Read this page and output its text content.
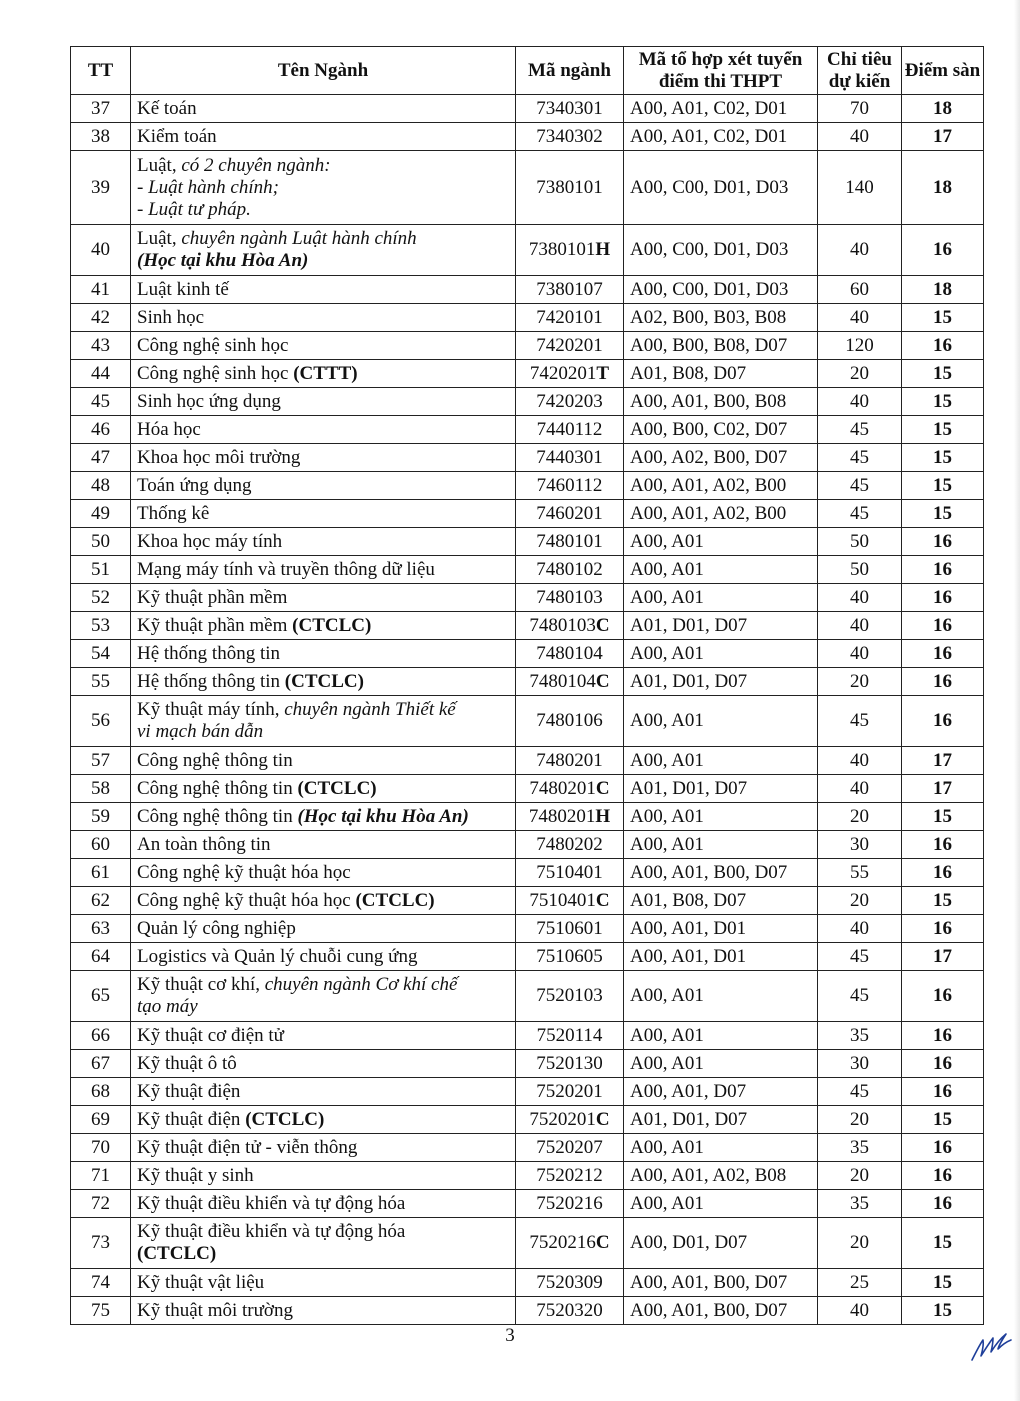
TT	Tên Ngành	Mã ngành	Mã tổ hợp xét tuyển điểm thi THPT	Chỉ tiêu dự kiến	Điểm sàn
37	Kế toán	7340301	A00, A01, C02, D01	70	18
38	Kiểm toán	7340302	A00, A01, C02, D01	40	17
39	Luật, có 2 chuyên ngành:
- Luật hành chính;
- Luật tư pháp.	7380101	A00, C00, D01, D03	140	18
40	Luật, chuyên ngành Luật hành chính
(Học tại khu Hòa An)	7380101H	A00, C00, D01, D03	40	16
41	Luật kinh tế	7380107	A00, C00, D01, D03	60	18
42	Sinh học	7420101	A02, B00, B03, B08	40	15
43	Công nghệ sinh học	7420201	A00, B00, B08, D07	120	16
44	Công nghệ sinh học (CTTT)	7420201T	A01, B08, D07	20	15
45	Sinh học ứng dụng	7420203	A00, A01, B00, B08	40	15
46	Hóa học	7440112	A00, B00, C02, D07	45	15
47	Khoa học môi trường	7440301	A00, A02, B00, D07	45	15
48	Toán ứng dụng	7460112	A00, A01, A02, B00	45	15
49	Thống kê	7460201	A00, A01, A02, B00	45	15
50	Khoa học máy tính	7480101	A00, A01	50	16
51	Mạng máy tính và truyền thông dữ liệu	7480102	A00, A01	50	16
52	Kỹ thuật phần mềm	7480103	A00, A01	40	16
53	Kỹ thuật phần mềm (CTCLC)	7480103C	A01, D01, D07	40	16
54	Hệ thống thông tin	7480104	A00, A01	40	16
55	Hệ thống thông tin (CTCLC)	7480104C	A01, D01, D07	20	16
56	Kỹ thuật máy tính, chuyên ngành Thiết kế
vi mạch bán dẫn	7480106	A00, A01	45	16
57	Công nghệ thông tin	7480201	A00, A01	40	17
58	Công nghệ thông tin (CTCLC)	7480201C	A01, D01, D07	40	17
59	Công nghệ thông tin (Học tại khu Hòa An)	7480201H	A00, A01	20	15
60	An toàn thông tin	7480202	A00, A01	30	16
61	Công nghệ kỹ thuật hóa học	7510401	A00, A01, B00, D07	55	16
62	Công nghệ kỹ thuật hóa học (CTCLC)	7510401C	A01, B08, D07	20	15
63	Quản lý công nghiệp	7510601	A00, A01, D01	40	16
64	Logistics và Quản lý chuỗi cung ứng	7510605	A00, A01, D01	45	17
65	Kỹ thuật cơ khí, chuyên ngành Cơ khí chế
tạo máy	7520103	A00, A01	45	16
66	Kỹ thuật cơ điện tử	7520114	A00, A01	35	16
67	Kỹ thuật ô tô	7520130	A00, A01	30	16
68	Kỹ thuật điện	7520201	A00, A01, D07	45	16
69	Kỹ thuật điện (CTCLC)	7520201C	A01, D01, D07	20	15
70	Kỹ thuật điện tử - viễn thông	7520207	A00, A01	35	16
71	Kỹ thuật y sinh	7520212	A00, A01, A02, B08	20	16
72	Kỹ thuật điều khiển và tự động hóa	7520216	A00, A01	35	16
73	Kỹ thuật điều khiển và tự động hóa
(CTCLC)	7520216C	A00, D01, D07	20	15
74	Kỹ thuật vật liệu	7520309	A00, A01, B00, D07	25	15
75	Kỹ thuật môi trường	7520320	A00, A01, B00, D07	40	15
3
